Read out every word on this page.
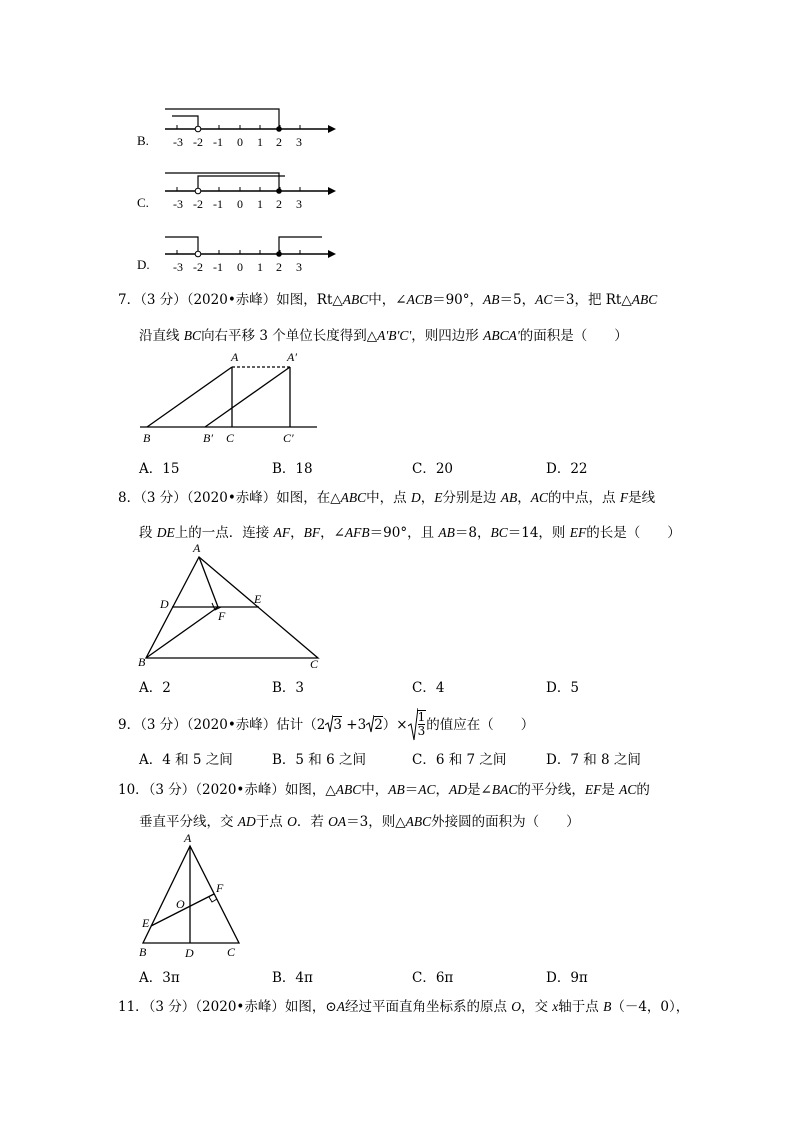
B. -3 -2 -1 0 1 2 3
C. -3 -2 -1 0 1 2 3
D. -3 -2 -1 0 1 2 3
7．（3 分）（2020•赤峰）如图，Rt△ABC中，∠ACB＝90°，AB＝5，AC＝3，把 Rt△ABC
沿直线 BC向右平移 3 个单位长度得到△A'B'C'，则四边形 ABCA'的面积是（　　）
A	A′
B	B′ C	C′
A．15	B．18	C．20	D．22
8．（3 分）（2020•赤峰）如图，在△ABC中，点 D，E分别是边 AB，AC的中点，点 F是线
段 DE上的一点．连接 AF，BF，∠AFB＝90°，且 AB＝8，BC＝14，则 EF的长是（　　）
A
B	C
D	E
F
A．2	B．3	C．4	D．5
9．（3 分）（2020•赤峰）估计（2 3 +3 $2)\times \frac{1}{3}$ 的值应在（　　）
A．4 和 5 之间	B．5 和 6 之间	C．6 和 7 之间	D．7 和 8 之间
10．（3 分）（2020•赤峰）如图，△ABC中，AB＝AC，AD是∠BAC的平分线，EF是 AC的
垂直平分线，交 AD于点 O．若 OA＝3，则△ABC外接圆的面积为（　　）
A
B	C
D
E
F
O
A．3π	B．4π	C．6π	D．9π
11．（3 分）（2020•赤峰）如图，⊙A经过平面直角坐标系的原点 O，交 x轴于点 B（－4，0），
